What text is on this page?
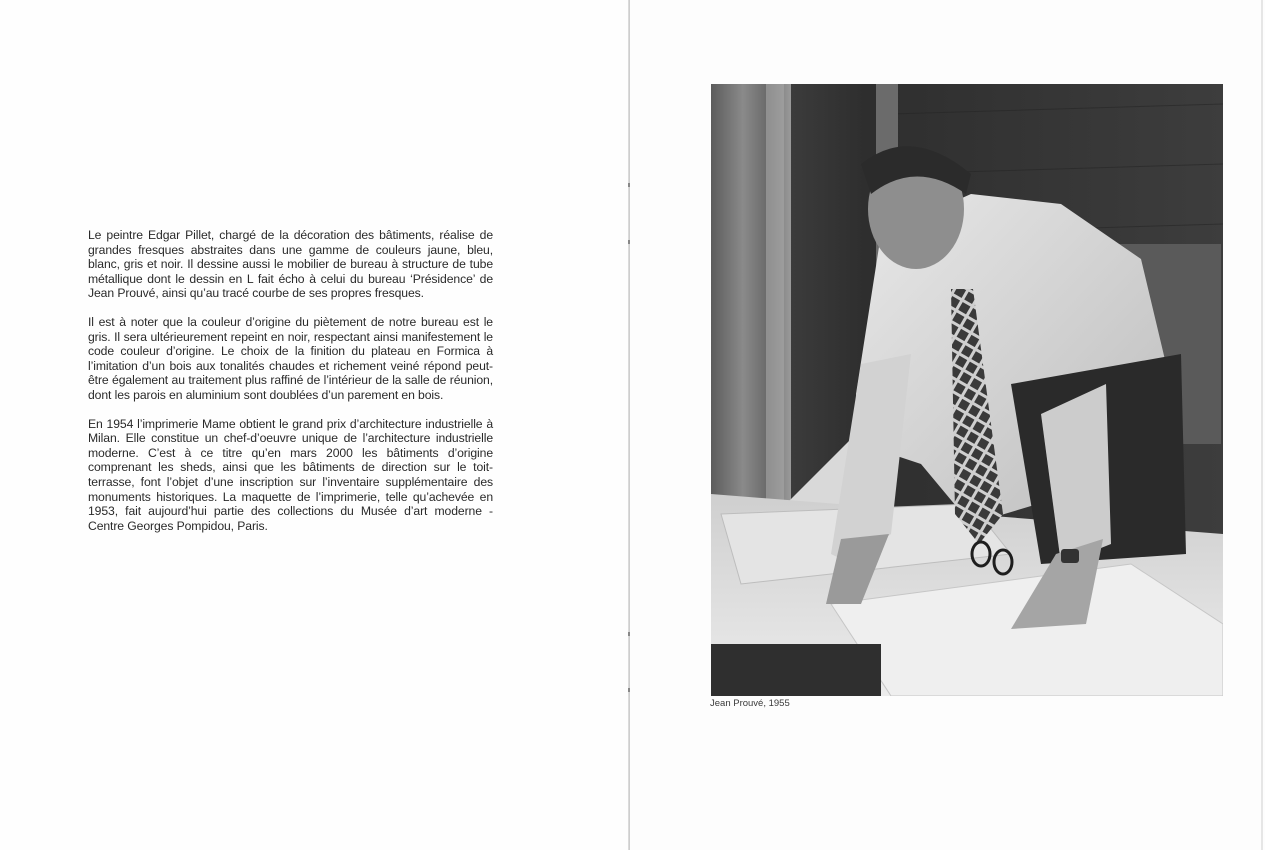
Le peintre Edgar Pillet, chargé de la décoration des bâtiments, réalise de grandes fresques abstraites dans une gamme de couleurs jaune, bleu, blanc, gris et noir. Il dessine aussi le mobilier de bureau à structure de tube métallique dont le dessin en L fait écho à celui du bureau ‘Présidence’ de Jean Prouvé, ainsi qu’au tracé courbe de ses propres fresques.

Il est à noter que la couleur d’origine du piètement de notre bureau est le gris. Il sera ultérieurement repeint en noir, respectant ainsi manifestement le code couleur d’origine. Le choix de la finition du plateau en Formica à l’imitation d’un bois aux tonalités chaudes et richement veiné répond peut-être également au traitement plus raffiné de l’intérieur de la salle de réunion, dont les parois en aluminium sont doublées d’un parement en bois.

En 1954 l’imprimerie Mame obtient le grand prix d’architecture industrielle à Milan. Elle constitue un chef-d’oeuvre unique de l’architecture industrielle moderne. C’est à ce titre qu’en mars 2000 les bâtiments d’origine comprenant les sheds, ainsi que les bâtiments de direction sur le toit-terrasse, font l’objet d’une inscription sur l’inventaire supplémentaire des monuments historiques. La maquette de l’imprimerie, telle qu’achevée en 1953, fait aujourd’hui partie des collections du Musée d’art moderne - Centre Georges Pompidou, Paris.

Jean Prouvé, 1955
